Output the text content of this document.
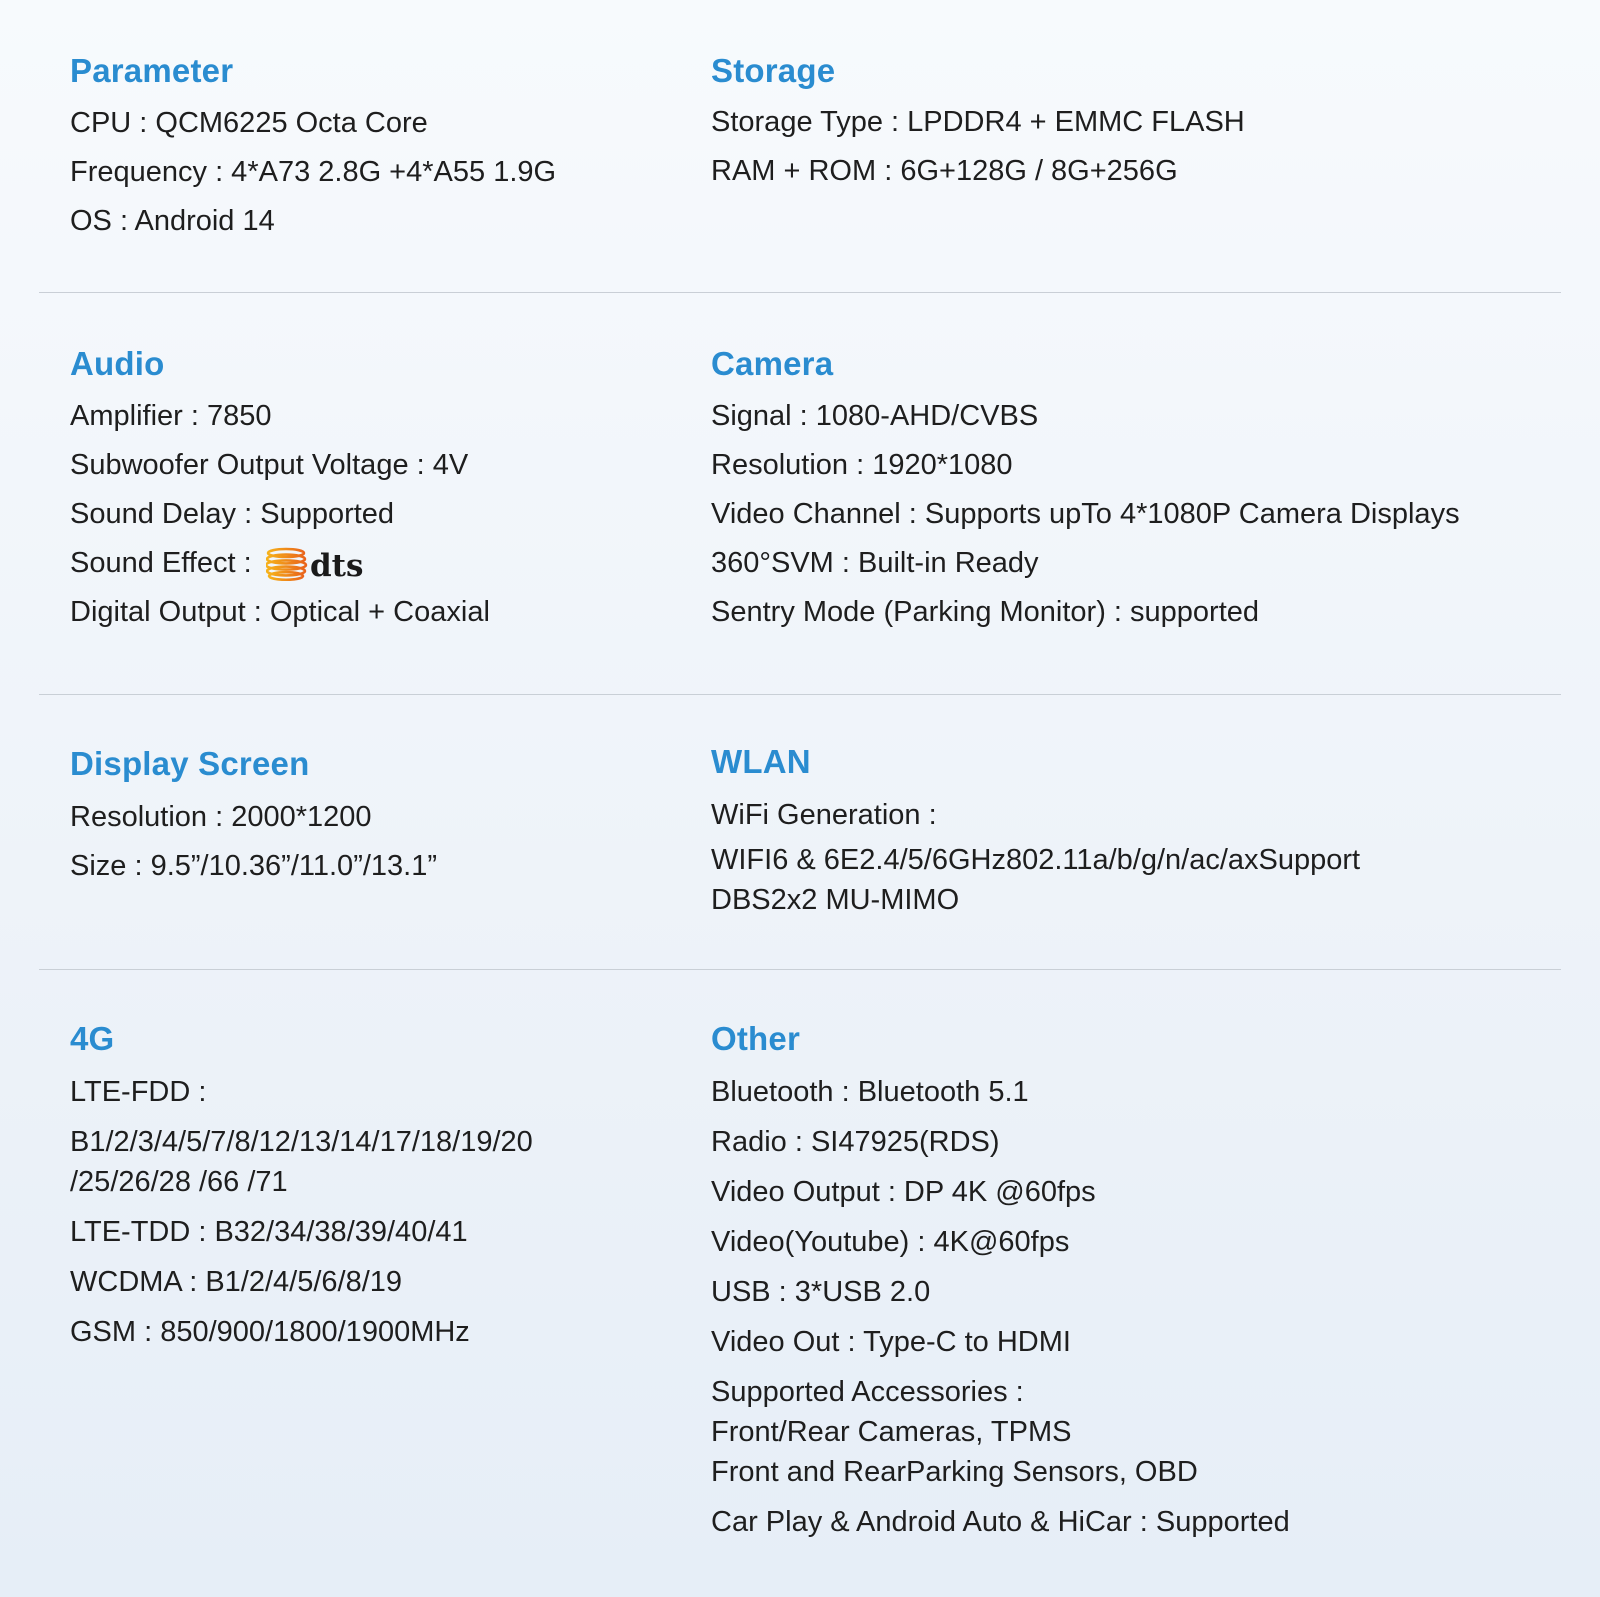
Parameter
CPU : QCM6225 Octa Core
Frequency : 4*A73 2.8G +4*A55 1.9G
OS : Android 14
Storage
Storage Type : LPDDR4 + EMMC FLASH
RAM + ROM : 6G+128G / 8G+256G
Audio
Amplifier : 7850
Subwoofer Output Voltage : 4V
Sound Delay : Supported
Sound Effect : dts
Digital Output : Optical + Coaxial
Camera
Signal : 1080-AHD/CVBS
Resolution : 1920*1080
Video Channel : Supports upTo 4*1080P Camera Displays
360°SVM : Built-in Ready
Sentry Mode (Parking Monitor) : supported
Display Screen
Resolution : 2000*1200
Size : 9.5”/10.36”/11.0”/13.1”
WLAN
WiFi Generation :
WIFI6 & 6E2.4/5/6GHz802.11a/b/g/n/ac/axSupport
DBS2x2 MU-MIMO
4G
LTE-FDD :
B1/2/3/4/5/7/8/12/13/14/17/18/19/20
/25/26/28 /66 /71
LTE-TDD : B32/34/38/39/40/41
WCDMA : B1/2/4/5/6/8/19
GSM : 850/900/1800/1900MHz
Other
Bluetooth : Bluetooth 5.1
Radio : SI47925(RDS)
Video Output : DP 4K @60fps
Video(Youtube) : 4K@60fps
USB : 3*USB 2.0
Video Out : Type-C to HDMI
Supported Accessories :
Front/Rear Cameras, TPMS
Front and RearParking Sensors, OBD
Car Play & Android Auto & HiCar : Supported
